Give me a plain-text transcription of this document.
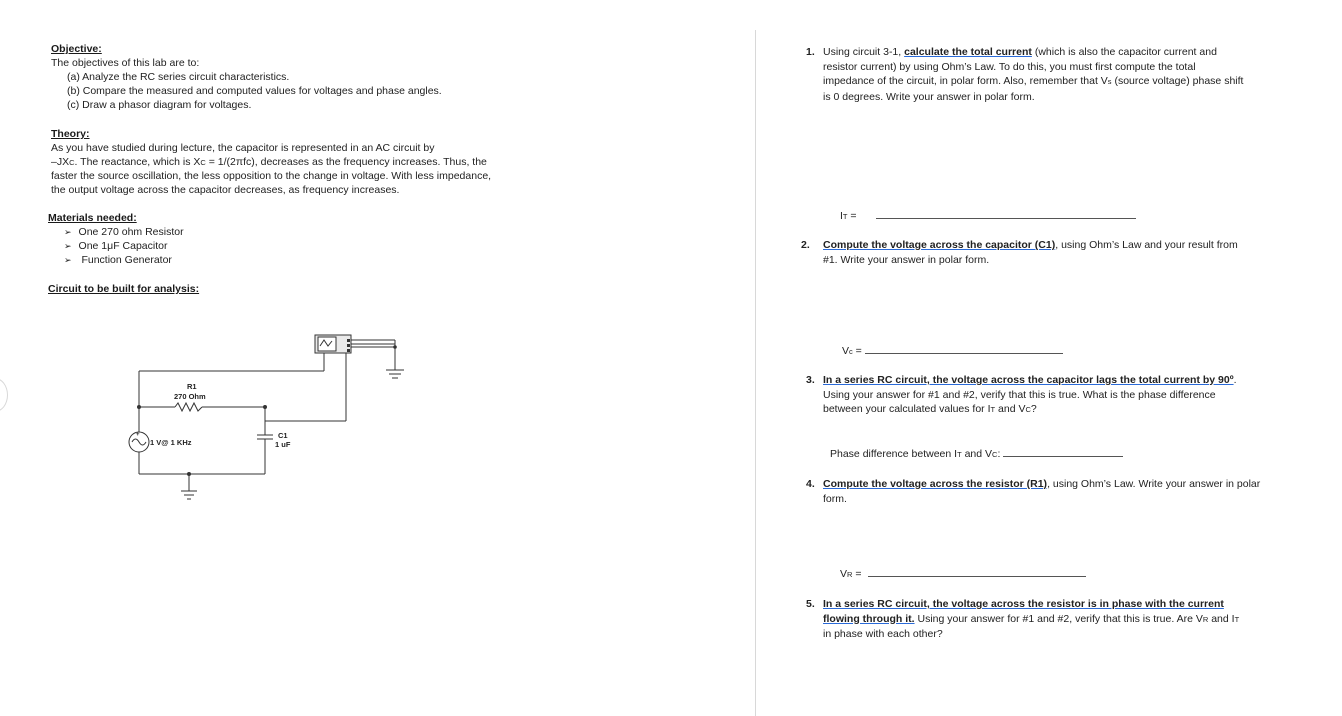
Objective:
The objectives of this lab are to:
(a) Analyze the RC series circuit characteristics.
(b) Compare the measured and computed values for voltages and phase angles.
(c) Draw a phasor diagram for voltages.
Theory:
As you have studied during lecture, the capacitor is represented in an AC circuit by
–JXC. The reactance, which is XC = 1/(2πfc), decreases as the frequency increases. Thus, the
faster the source oscillation, the less opposition to the change in voltage. With less impedance,
the output voltage across the capacitor decreases, as frequency increases.
Materials needed:
➢ One 270 ohm Resistor
➢ One 1μF Capacitor
➢ Function Generator
Circuit to be built for analysis:
+
R1
270 Ohm
C1
1 uF
1 V@ 1 KHz
1. Using circuit 3-1, calculate the total current (which is also the capacitor current and
resistor current) by using Ohm’s Law. To do this, you must first compute the total
impedance of the circuit, in polar form. Also, remember that Vs (source voltage) phase shift
is 0 degrees. Write your answer in polar form.
IT =
2. Compute the voltage across the capacitor (C1), using Ohm’s Law and your result from
#1. Write your answer in polar form.
Vc =
3. In a series RC circuit, the voltage across the capacitor lags the total current by 90º.
Using your answer for #1 and #2, verify that this is true. What is the phase difference
between your calculated values for IT and VC?
Phase difference between IT and VC:
4. Compute the voltage across the resistor (R1), using Ohm’s Law. Write your answer in polar
form.
VR =
5. In a series RC circuit, the voltage across the resistor is in phase with the current
flowing through it. Using your answer for #1 and #2, verify that this is true. Are VR and IT
in phase with each other?
